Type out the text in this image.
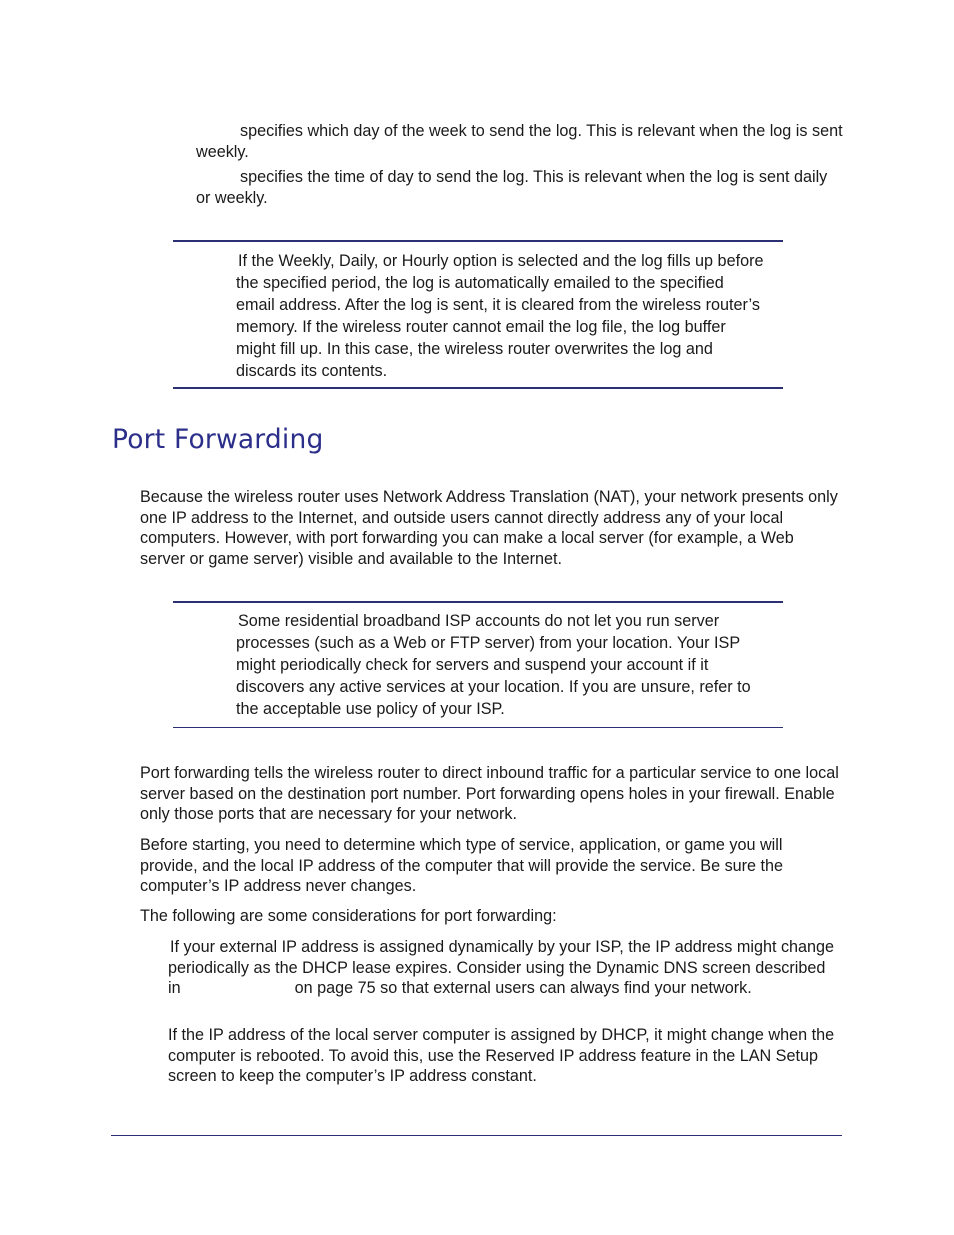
specifies which day of the week to send the log. This is relevant when the log is sent weekly.

specifies the time of day to send the log. This is relevant when the log is sent daily or weekly.

If the Weekly, Daily, or Hourly option is selected and the log fills up before the specified period, the log is automatically emailed to the specified email address. After the log is sent, it is cleared from the wireless router’s memory. If the wireless router cannot email the log file, the log buffer might fill up. In this case, the wireless router overwrites the log and discards its contents.

Port Forwarding

Because the wireless router uses Network Address Translation (NAT), your network presents only one IP address to the Internet, and outside users cannot directly address any of your local computers. However, with port forwarding you can make a local server (for example, a Web server or game server) visible and available to the Internet.

Some residential broadband ISP accounts do not let you run server processes (such as a Web or FTP server) from your location. Your ISP might periodically check for servers and suspend your account if it discovers any active services at your location. If you are unsure, refer to the acceptable use policy of your ISP.

Port forwarding tells the wireless router to direct inbound traffic for a particular service to one local server based on the destination port number. Port forwarding opens holes in your firewall. Enable only those ports that are necessary for your network.

Before starting, you need to determine which type of service, application, or game you will provide, and the local IP address of the computer that will provide the service. Be sure the computer’s IP address never changes.

The following are some considerations for port forwarding:

If your external IP address is assigned dynamically by your ISP, the IP address might change periodically as the DHCP lease expires. Consider using the Dynamic DNS screen described in	on page 75 so that external users can always find your network.

If the IP address of the local server computer is assigned by DHCP, it might change when the computer is rebooted. To avoid this, use the Reserved IP address feature in the LAN Setup screen to keep the computer’s IP address constant.
